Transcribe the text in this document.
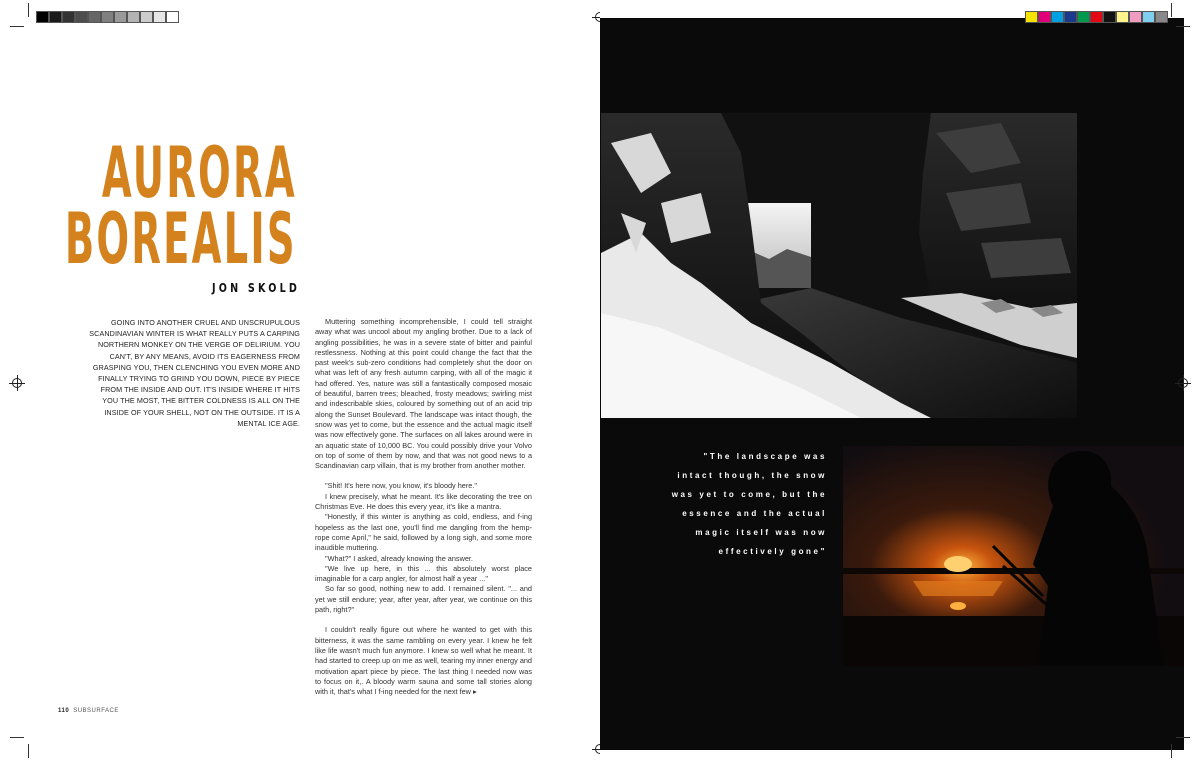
AURORA
BOREALIS
JON SKOLD
GOING INTO ANOTHER CRUEL AND UNSCRUPULOUS SCANDINAVIAN WINTER IS WHAT REALLY PUTS A CARPING NORTHERN MONKEY ON THE VERGE OF DELIRIUM. YOU CAN'T, BY ANY MEANS, AVOID ITS EAGERNESS FROM GRASPING YOU, THEN CLENCHING YOU EVEN MORE AND FINALLY TRYING TO GRIND YOU DOWN, PIECE BY PIECE FROM THE INSIDE AND OUT. IT'S INSIDE WHERE IT HITS YOU THE MOST, THE BITTER COLDNESS IS ALL ON THE INSIDE OF YOUR SHELL, NOT ON THE OUTSIDE. IT IS A MENTAL ICE AGE.

Muttering something incomprehensible, I could tell straight away what was uncool about my angling brother. Due to a lack of angling possibilities, he was in a severe state of bitter and painful restlessness. Nothing at this point could change the fact that the past week's sub-zero conditions had completely shut the door on what was left of any fresh autumn carping, with all of the magic it had offered. Yes, nature was still a fantastically composed mosaic of beautiful, barren trees; bleached, frosty meadows; swirling mist and indescribable skies, coloured by something out of an acid trip along the Sunset Boulevard. The landscape was intact though, the snow was yet to come, but the essence and the actual magic itself was now effectively gone. The surfaces on all lakes around were in an aquatic state of 10,000 BC. You could possibly drive your Volvo on top of some of them by now, and that was not good news to a Scandinavian carp villain, that is my brother from another mother.

"Shit! It's here now, you know, it's bloody here."

I knew precisely, what he meant. It's like decorating the tree on Christmas Eve. He does this every year, it's like a mantra.

"Honestly, if this winter is anything as cold, endless, and f-ing hopeless as the last one, you'll find me dangling from the hemp-rope come April," he said, followed by a long sigh, and some more inaudible muttering.

"What?" I asked, already knowing the answer.

"We live up here, in this ... this absolutely worst place imaginable for a carp angler, for almost half a year ..."

So far so good, nothing new to add. I remained silent. "... and yet we still endure; year, after year, after year, we continue on this path, right?"

I couldn't really figure out where he wanted to get with this bitterness, it was the same rambling on every year. I knew he felt like life wasn't much fun anymore. I knew so well what he meant. It had started to creep up on me as well, tearing my inner energy and motivation apart piece by piece. The last thing I needed now was to focus on it,. A bloody warm sauna and some tall stories along with it, that's what I f-ing needed for the next few ▸

110 SUBSURFACE
"The landscape was intact though, the snow was yet to come, but the essence and the actual magic itself was now effectively gone"
